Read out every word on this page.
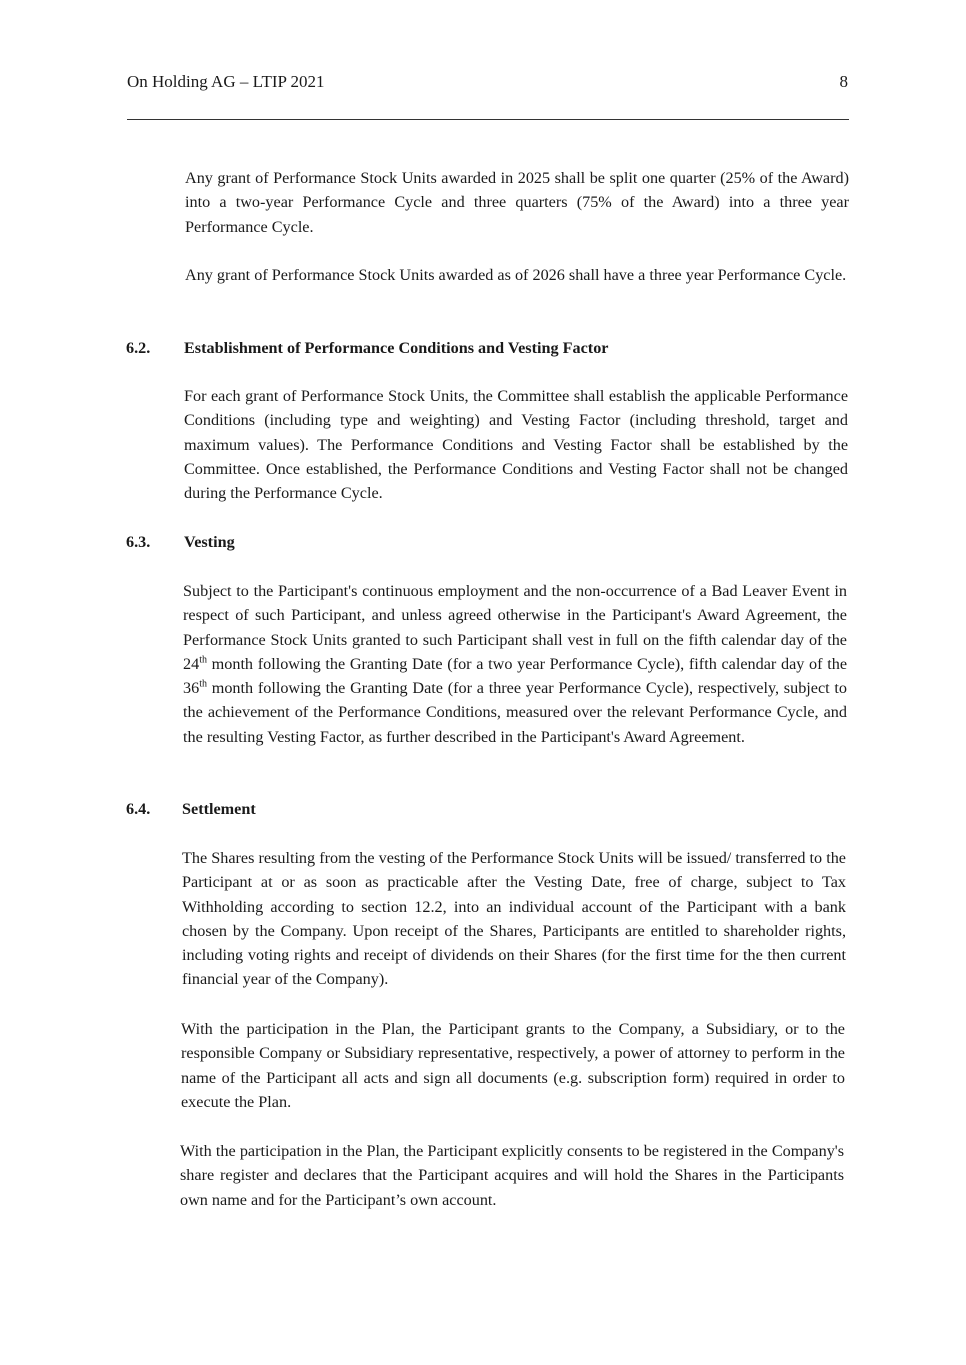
On Holding AG – LTIP 2021	8

Any grant of Performance Stock Units awarded in 2025 shall be split one quarter (25% of the Award) into a two-year Performance Cycle and three quarters (75% of the Award) into a three year Performance Cycle.

Any grant of Performance Stock Units awarded as of 2026 shall have a three year Performance Cycle.

6.2. Establishment of Performance Conditions and Vesting Factor

For each grant of Performance Stock Units, the Committee shall establish the applicable Performance Conditions (including type and weighting) and Vesting Factor (including threshold, target and maximum values). The Performance Conditions and Vesting Factor shall be established by the Committee. Once established, the Performance Conditions and Vesting Factor shall not be changed during the Performance Cycle.

6.3. Vesting

Subject to the Participant's continuous employment and the non-occurrence of a Bad Leaver Event in respect of such Participant, and unless agreed otherwise in the Participant's Award Agreement, the Performance Stock Units granted to such Participant shall vest in full on the fifth calendar day of the 24th month following the Granting Date (for a two year Performance Cycle), fifth calendar day of the 36th month following the Granting Date (for a three year Performance Cycle), respectively, subject to the achievement of the Performance Conditions, measured over the relevant Performance Cycle, and the resulting Vesting Factor, as further described in the Participant's Award Agreement.

6.4. Settlement

The Shares resulting from the vesting of the Performance Stock Units will be issued/ transferred to the Participant at or as soon as practicable after the Vesting Date, free of charge, subject to Tax Withholding according to section 12.2, into an individual account of the Participant with a bank chosen by the Company. Upon receipt of the Shares, Participants are entitled to shareholder rights, including voting rights and receipt of dividends on their Shares (for the first time for the then current financial year of the Company).

With the participation in the Plan, the Participant grants to the Company, a Subsidiary, or to the responsible Company or Subsidiary representative, respectively, a power of attorney to perform in the name of the Participant all acts and sign all documents (e.g. subscription form) required in order to execute the Plan.

With the participation in the Plan, the Participant explicitly consents to be registered in the Company's share register and declares that the Participant acquires and will hold the Shares in the Participants own name and for the Participant’s own account.
